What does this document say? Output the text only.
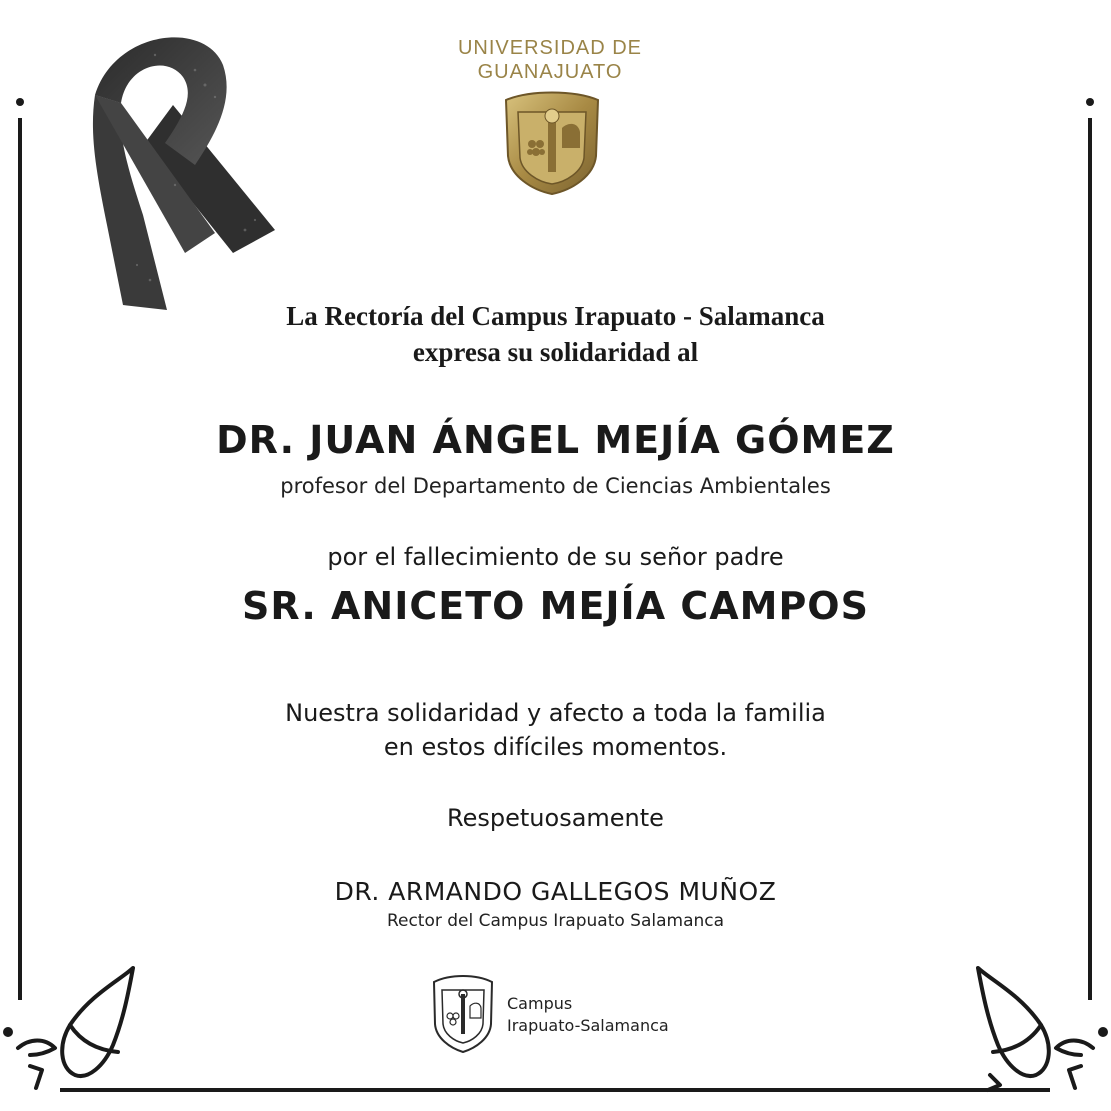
UNIVERSIDAD DE
GUANAJUATO
La Rectoría del Campus Irapuato - Salamanca
expresa su solidaridad al
DR. JUAN ÁNGEL MEJÍA GÓMEZ
profesor del Departamento de Ciencias Ambientales
por el fallecimiento de su señor padre
SR. ANICETO MEJÍA CAMPOS
Nuestra solidaridad y afecto a toda la familia
en estos difíciles momentos.
Respetuosamente
DR. ARMANDO GALLEGOS MUÑOZ
Rector del Campus Irapuato Salamanca
Campus
Irapuato-Salamanca
